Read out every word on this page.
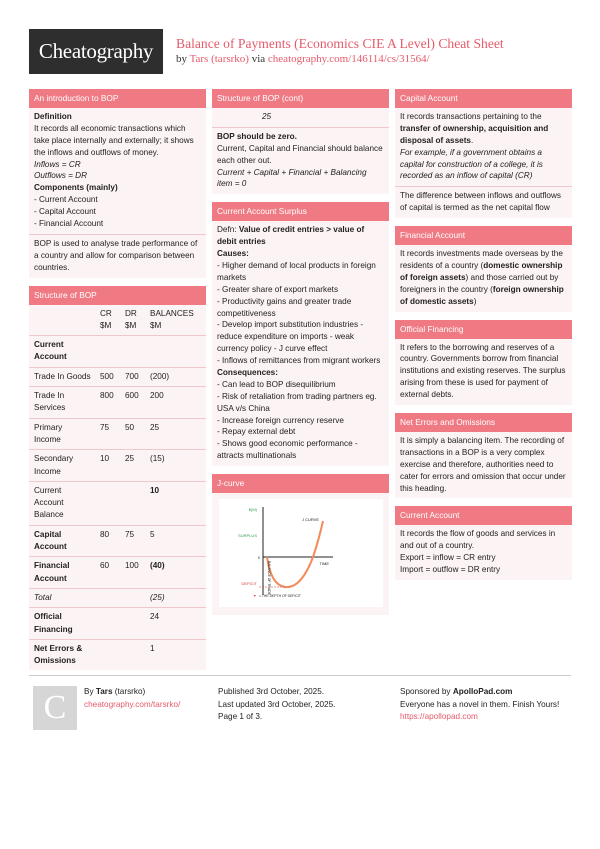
Cheatography Balance of Payments (Economics CIE A Level) Cheat Sheet
by Tars (tarsrko) via cheatography.com/146114/cs/31564/
An introduction to BOP
Definition
It records all economic transactions which take place internally and externally; it shows the inflows and outflows of money.
Inflows = CR
Outflows = DR
Components (mainly)
- Current Account
- Capital Account
- Financial Account
BOP is used to analyse trade performance of a country and allow for comparison between countries.
Structure of BOP
	CR $M	DR $M	BALANCES $M
Current Account			
Trade In Goods	500	700	(200)
Trade In Services	800	600	200
Primary Income	75	50	25
Secondary Income	10	25	(15)
Current Account Balance			10
Capital Account	80	75	5
Financial Account	60	100	(40)
Total			(25)
Official Financing			24
Net Errors & Omissions			1
Structure of BOP (cont)
25
BOP should be zero.
Current, Capital and Financial should balance each other out.
Current + Capital + Financial + Balancing item = 0
Current Account Surplus
Defn: Value of credit entries > value of debit entries
Causes:
- Higher demand of local products in foreign markets
- Greater share of export markets
- Productivity gains and greater trade competitiveness
- Develop import substitution industries - reduce expenditure on imports - weak currency policy - J curve effect
- Inflows of remittances from migrant workers
Consequences:
- Can lead to BOP disequilibrium
- Risk of retaliation from trading partners eg. USA v/s China
- Increase foreign currency reserve
- Repay external debt
- Shows good economic performance - attracts multinationals
J-curve
$(M)
SURPLUS
DEFICIT
0
TIME
J CURVE
BALANCE OF TRADE
▼ = THE DEPTH OF DEFICIT
Capital Account
It records transactions pertaining to the transfer of ownership, acquisition and disposal of assets.
For example, if a government obtains a capital for construction of a college, it is recorded as an inflow of capital (CR)
The difference between inflows and outflows of capital is termed as the net capital flow
Financial Account
It records investments made overseas by the residents of a country (domestic ownership of foreign assets) and those carried out by foreigners in the country (foreign ownership of domestic assets)
Official Financing
It refers to the borrowing and reserves of a country. Governments borrow from financial institutions and existing reserves. The surplus arising from these is used for payment of external debts.
Net Errors and Omissions
It is simply a balancing item. The recording of transactions in a BOP is a very complex exercise and therefore, authorities need to cater for errors and omission that occur under this heading.
Current Account
It records the flow of goods and services in and out of a country.
Export = inflow = CR entry
Import = outflow = DR entry
C By Tars (tarsrko)
cheatography.com/tarsrko/
Published 3rd October, 2025.
Last updated 3rd October, 2025.
Page 1 of 3.
Sponsored by ApolloPad.com
Everyone has a novel in them. Finish Yours!
https://apollopad.com
